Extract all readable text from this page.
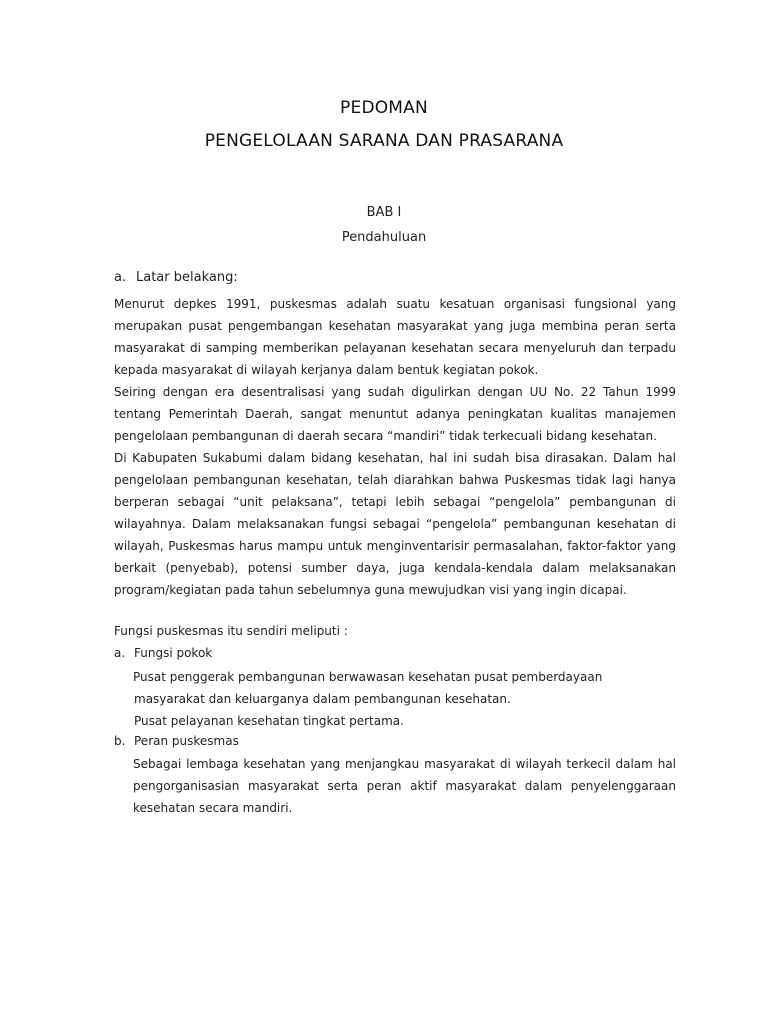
PEDOMAN
PENGELOLAAN SARANA DAN PRASARANA
BAB I
Pendahuluan
a. Latar belakang:
Menurut depkes 1991, puskesmas adalah suatu kesatuan organisasi fungsional yang
merupakan pusat pengembangan kesehatan masyarakat yang juga membina peran serta
masyarakat di samping memberikan pelayanan kesehatan secara menyeluruh dan terpadu
kepada masyarakat di wilayah kerjanya dalam bentuk kegiatan pokok.
Seiring dengan era desentralisasi yang sudah digulirkan dengan UU No. 22 Tahun 1999
tentang Pemerintah Daerah, sangat menuntut adanya peningkatan kualitas manajemen
pengelolaan pembangunan di daerah secara “mandiri” tidak terkecuali bidang kesehatan.
Di Kabupaten Sukabumi dalam bidang kesehatan, hal ini sudah bisa dirasakan. Dalam hal
pengelolaan pembangunan kesehatan, telah diarahkan bahwa Puskesmas tidak lagi hanya
berperan sebagai “unit pelaksana”, tetapi lebih sebagai “pengelola” pembangunan di
wilayahnya. Dalam melaksanakan fungsi sebagai “pengelola” pembangunan kesehatan di
wilayah, Puskesmas harus mampu untuk menginventarisir permasalahan, faktor-faktor yang
berkait (penyebab), potensi sumber daya, juga kendala-kendala dalam melaksanakan
program/kegiatan pada tahun sebelumnya guna mewujudkan visi yang ingin dicapai.
Fungsi puskesmas itu sendiri meliputi :
a. Fungsi pokok
Pusat penggerak pembangunan berwawasan kesehatan pusat pemberdayaan
masyarakat dan keluarganya dalam pembangunan kesehatan.
Pusat pelayanan kesehatan tingkat pertama.
b. Peran puskesmas
Sebagai lembaga kesehatan yang menjangkau masyarakat di wilayah terkecil dalam hal
pengorganisasian masyarakat serta peran aktif masyarakat dalam penyelenggaraan
kesehatan secara mandiri.
